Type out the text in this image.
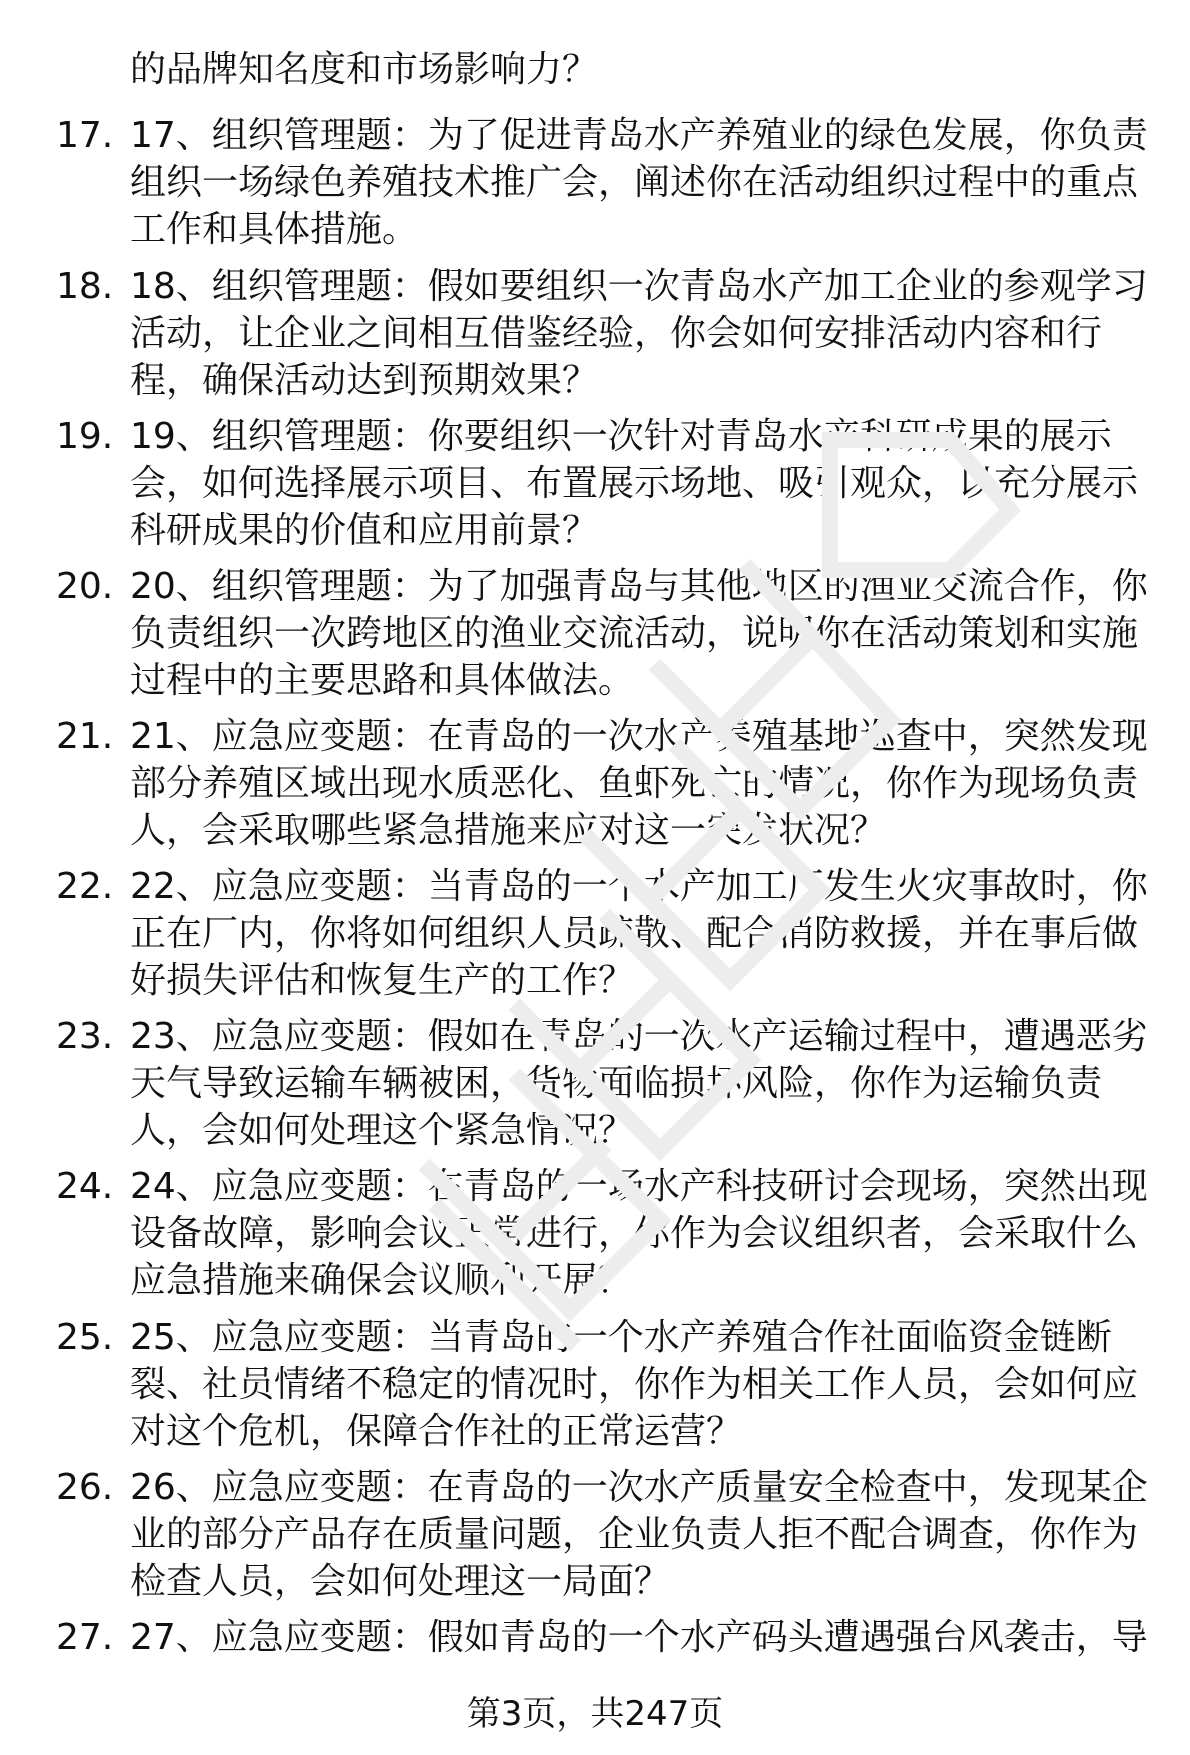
的品牌知名度和市场影响力？
17. 17、组织管理题：为了促进青岛水产养殖业的绿色发展，你负责
组织一场绿色养殖技术推广会，阐述你在活动组织过程中的重点
工作和具体措施。
18. 18、组织管理题：假如要组织一次青岛水产加工企业的参观学习
活动，让企业之间相互借鉴经验，你会如何安排活动内容和行
程，确保活动达到预期效果？
19. 19、组织管理题：你要组织一次针对青岛水产科研成果的展示
会，如何选择展示项目、布置展示场地、吸引观众，以充分展示
科研成果的价值和应用前景？
20. 20、组织管理题：为了加强青岛与其他地区的渔业交流合作，你
负责组织一次跨地区的渔业交流活动，说明你在活动策划和实施
过程中的主要思路和具体做法。
21. 21、应急应变题：在青岛的一次水产养殖基地巡查中，突然发现
部分养殖区域出现水质恶化、鱼虾死亡的情况，你作为现场负责
人，会采取哪些紧急措施来应对这一突发状况？
22. 22、应急应变题：当青岛的一个水产加工厂发生火灾事故时，你
正在厂内，你将如何组织人员疏散、配合消防救援，并在事后做
好损失评估和恢复生产的工作？
23. 23、应急应变题：假如在青岛的一次水产运输过程中，遭遇恶劣
天气导致运输车辆被困，货物面临损坏风险，你作为运输负责
人，会如何处理这个紧急情况？
24. 24、应急应变题：在青岛的一场水产科技研讨会现场，突然出现
设备故障，影响会议正常进行，你作为会议组织者，会采取什么
应急措施来确保会议顺利开展？
25. 25、应急应变题：当青岛的一个水产养殖合作社面临资金链断
裂、社员情绪不稳定的情况时，你作为相关工作人员，会如何应
对这个危机，保障合作社的正常运营？
26. 26、应急应变题：在青岛的一次水产质量安全检查中，发现某企
业的部分产品存在质量问题，企业负责人拒不配合调查，你作为
检查人员，会如何处理这一局面？
27. 27、应急应变题：假如青岛的一个水产码头遭遇强台风袭击，导
第3页，共247页
